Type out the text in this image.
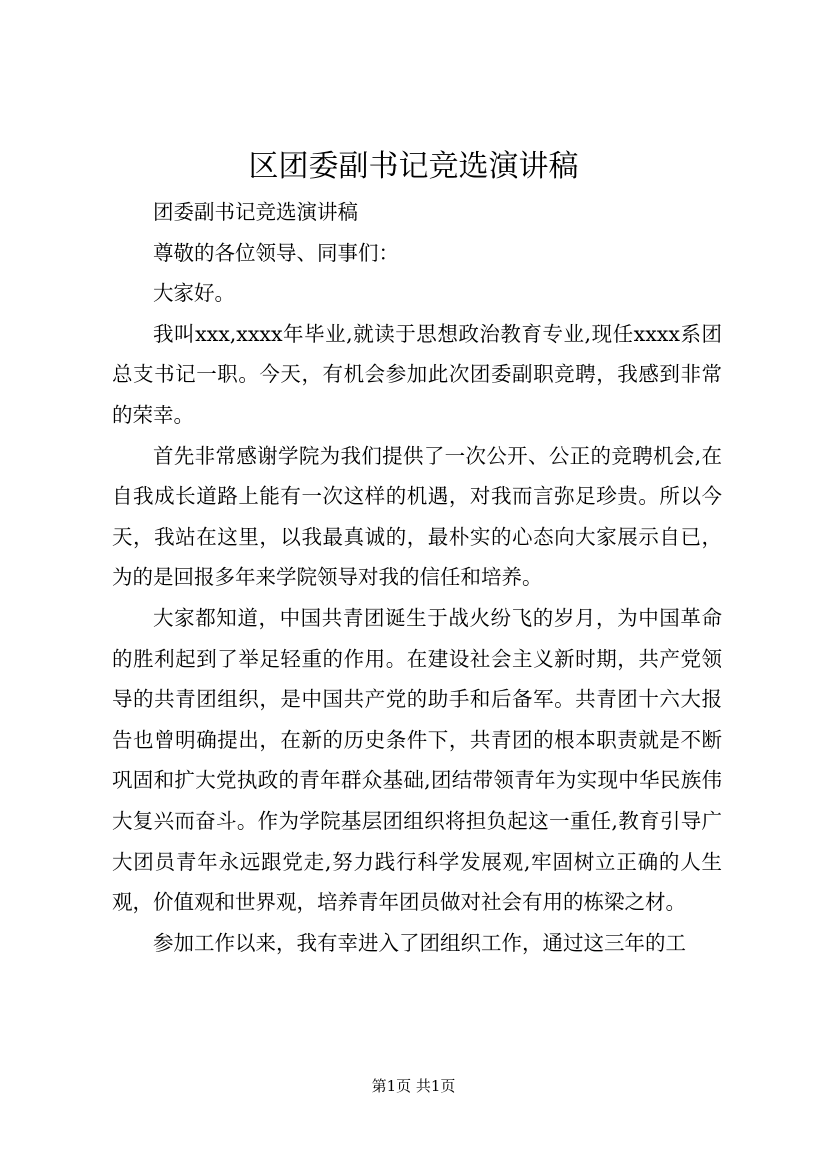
区团委副书记竞选演讲稿

团委副书记竞选演讲稿

尊敬的各位领导、同事们：

大家好。

我叫xxx,xxxx年毕业,就读于思想政治教育专业,现任xxxx系团总支书记一职。今天，有机会参加此次团委副职竞聘，我感到非常的荣幸。

首先非常感谢学院为我们提供了一次公开、公正的竞聘机会,在自我成长道路上能有一次这样的机遇，对我而言弥足珍贵。所以今天，我站在这里，以我最真诚的，最朴实的心态向大家展示自已，为的是回报多年来学院领导对我的信任和培养。

大家都知道，中国共青团诞生于战火纷飞的岁月，为中国革命的胜利起到了举足轻重的作用。在建设社会主义新时期，共产党领导的共青团组织，是中国共产党的助手和后备军。共青团十六大报告也曾明确提出，在新的历史条件下，共青团的根本职责就是不断巩固和扩大党执政的青年群众基础,团结带领青年为实现中华民族伟大复兴而奋斗。作为学院基层团组织将担负起这一重任,教育引导广大团员青年永远跟党走,努力践行科学发展观,牢固树立正确的人生观，价值观和世界观，培养青年团员做对社会有用的栋梁之材。

参加工作以来，我有幸进入了团组织工作，通过这三年的工

第1页 共1页
